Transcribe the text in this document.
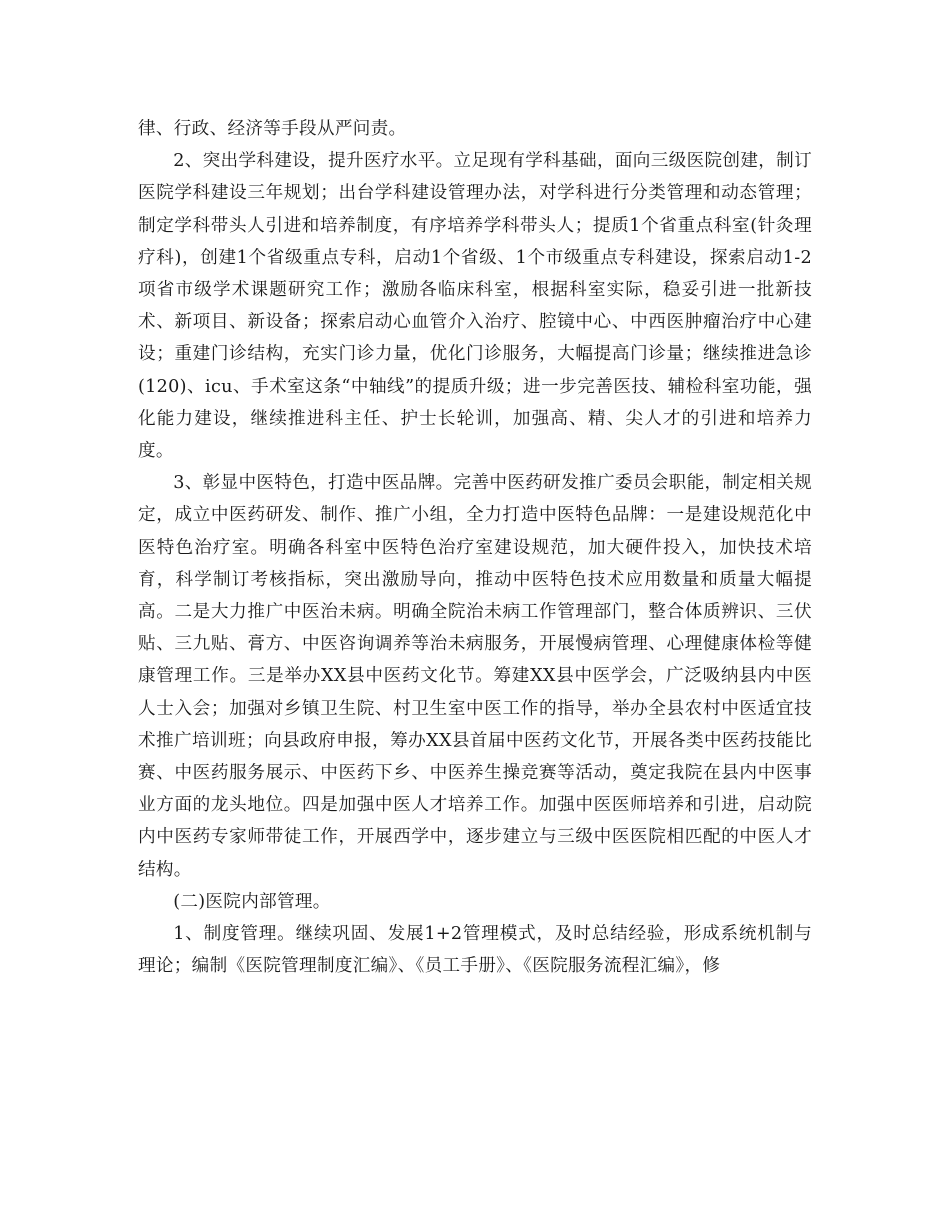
律、行政、经济等手段从严问责。

2、突出学科建设，提升医疗水平。立足现有学科基础，面向三级医院创建，制订医院学科建设三年规划；出台学科建设管理办法，对学科进行分类管理和动态管理；制定学科带头人引进和培养制度，有序培养学科带头人；提质1个省重点科室(针灸理疗科)，创建1个省级重点专科，启动1个省级、1个市级重点专科建设，探索启动1-2项省市级学术课题研究工作；激励各临床科室，根据科室实际，稳妥引进一批新技术、新项目、新设备；探索启动心血管介入治疗、腔镜中心、中西医肿瘤治疗中心建设；重建门诊结构，充实门诊力量，优化门诊服务，大幅提高门诊量；继续推进急诊(120)、icu、手术室这条“中轴线”的提质升级；进一步完善医技、辅检科室功能，强化能力建设，继续推进科主任、护士长轮训，加强高、精、尖人才的引进和培养力度。

3、彰显中医特色，打造中医品牌。完善中医药研发推广委员会职能，制定相关规定，成立中医药研发、制作、推广小组，全力打造中医特色品牌：一是建设规范化中医特色治疗室。明确各科室中医特色治疗室建设规范，加大硬件投入，加快技术培育，科学制订考核指标，突出激励导向，推动中医特色技术应用数量和质量大幅提高。二是大力推广中医治未病。明确全院治未病工作管理部门，整合体质辨识、三伏贴、三九贴、膏方、中医咨询调养等治未病服务，开展慢病管理、心理健康体检等健康管理工作。三是举办XX县中医药文化节。筹建XX县中医学会，广泛吸纳县内中医人士入会；加强对乡镇卫生院、村卫生室中医工作的指导，举办全县农村中医适宜技术推广培训班；向县政府申报，筹办XX县首届中医药文化节，开展各类中医药技能比赛、中医药服务展示、中医药下乡、中医养生操竞赛等活动，奠定我院在县内中医事业方面的龙头地位。四是加强中医人才培养工作。加强中医医师培养和引进，启动院内中医药专家师带徒工作，开展西学中，逐步建立与三级中医医院相匹配的中医人才结构。

(二)医院内部管理。

1、制度管理。继续巩固、发展1+2管理模式，及时总结经验，形成系统机制与理论；编制《医院管理制度汇编》、《员工手册》、《医院服务流程汇编》，修
